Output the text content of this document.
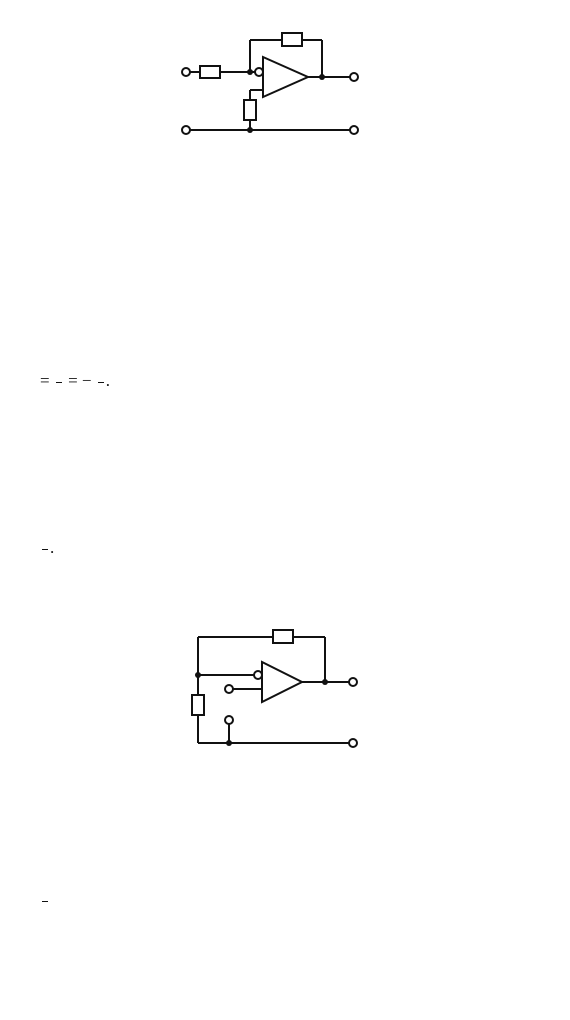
=
= −
.
.
